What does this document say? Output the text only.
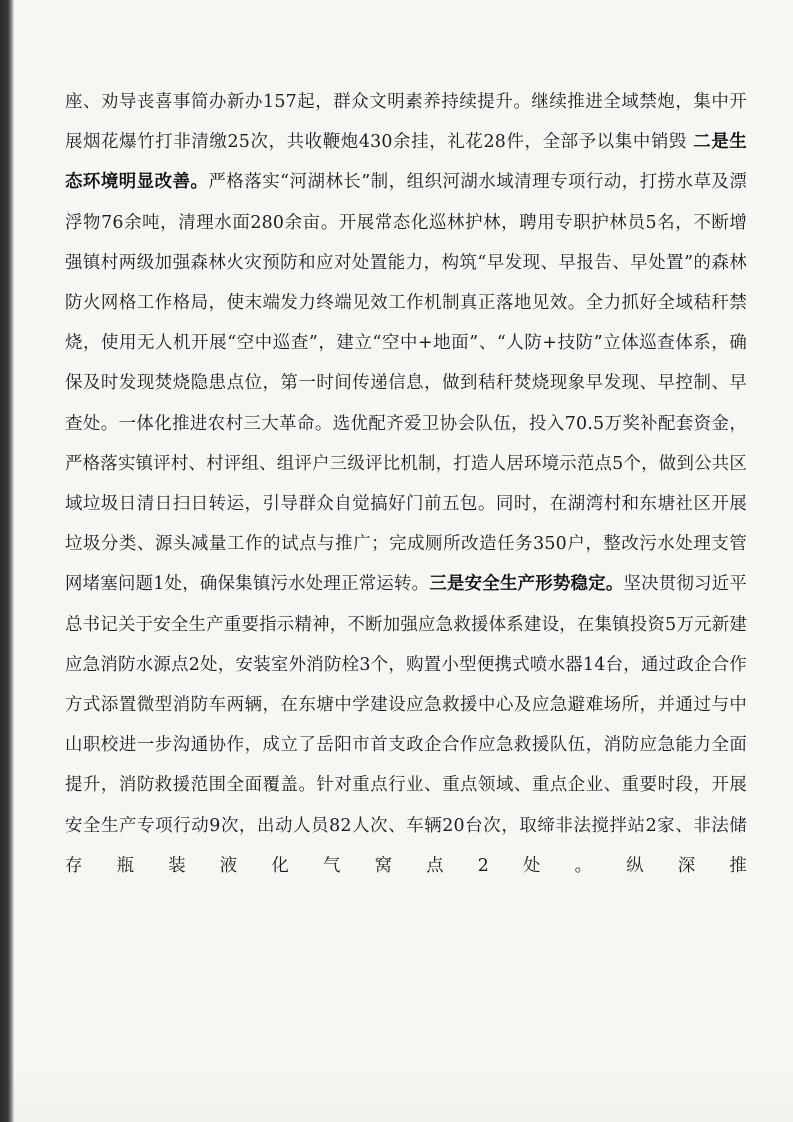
座、劝导丧喜事简办新办157起，群众文明素养持续提升。继续推进全域禁炮，集中开展烟花爆竹打非清缴25次，共收鞭炮430余挂，礼花28件，全部予以集中销毁 二是生态环境明显改善。严格落实“河湖林长”制，组织河湖水域清理专项行动，打捞水草及漂浮物76余吨，清理水面280余亩。开展常态化巡林护林，聘用专职护林员5名，不断增强镇村两级加强森林火灾预防和应对处置能力，构筑“早发现、早报告、早处置”的森林防火网格工作格局，使末端发力终端见效工作机制真正落地见效。全力抓好全域秸秆禁烧，使用无人机开展“空中巡查”，建立“空中+地面”、“人防+技防”立体巡查体系，确保及时发现焚烧隐患点位，第一时间传递信息，做到秸秆焚烧现象早发现、早控制、早查处。一体化推进农村三大革命。选优配齐爱卫协会队伍，投入70.5万奖补配套资金，严格落实镇评村、村评组、组评户三级评比机制，打造人居环境示范点5个，做到公共区域垃圾日清日扫日转运，引导群众自觉搞好门前五包。同时，在湖湾村和东塘社区开展垃圾分类、源头减量工作的试点与推广；完成厕所改造任务350户，整改污水处理支管网堵塞问题1处，确保集镇污水处理正常运转。三是安全生产形势稳定。坚决贯彻习近平总书记关于安全生产重要指示精神，不断加强应急救援体系建设，在集镇投资5万元新建应急消防水源点2处，安装室外消防栓3个，购置小型便携式喷水器14台，通过政企合作方式添置微型消防车两辆，在东塘中学建设应急救援中心及应急避难场所，并通过与中山职校进一步沟通协作，成立了岳阳市首支政企合作应急救援队伍，消防应急能力全面提升，消防救援范围全面覆盖。针对重点行业、重点领域、重点企业、重要时段，开展安全生产专项行动9次，出动人员82人次、车辆20台次，取缔非法搅拌站2家、非法储存瓶装液化气窝点2处。纵深推
